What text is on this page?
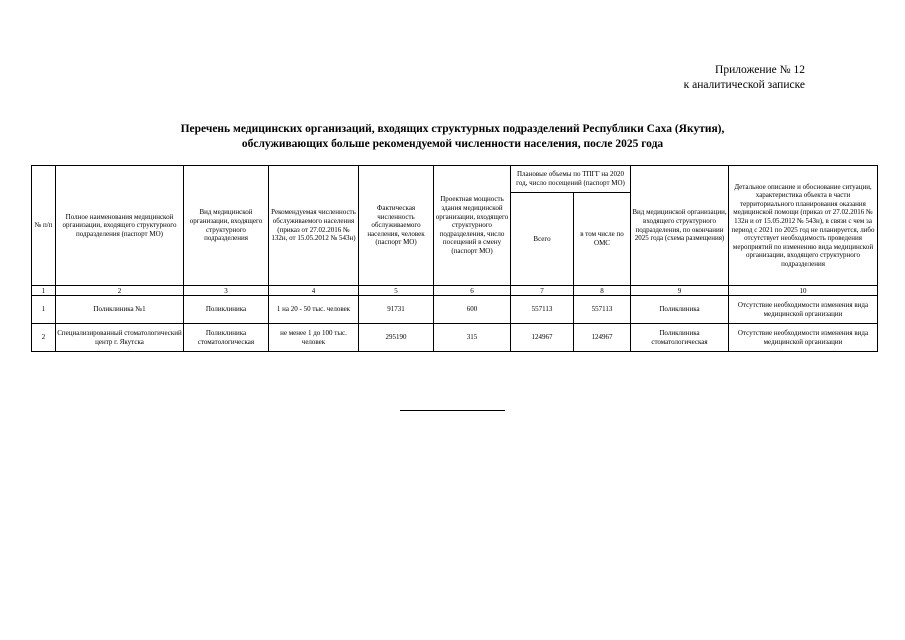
Приложение № 12
к аналитической записке
Перечень медицинских организаций, входящих структурных подразделений Республики Саха (Якутия),
обслуживающих больше рекомендуемой численности населения, после 2025 года
№ п/п	Полное наименования медицинской организации, входящего структурного подразделения (паспорт МО)	Вид медицинской организации, входящего структурного подразделения	Рекомендуемая численность обслуживаемого населения (приказ от 27.02.2016 № 132н, от 15.05.2012 № 543н)	Фактическая численность обслуживаемого населения, человек (паспорт МО)	Проектная мощность здания медицинской организации, входящего структурного подразделения, число посещений в смену (паспорт МО)	Плановые объемы по ТПГГ на 2020 год, число посещений (паспорт МО)		Вид медицинской организации, входящего структурного подразделения, по окончании 2025 года (схема размещения)	Детальное описание и обоснование ситуации, характеристика объекта в части территориального планирования оказания медицинской помощи (приказ от 27.02.2016 № 132н и от 15.05.2012 № 543н), в связи с чем за период с 2021 по 2025 год не планируется, либо отсутствует необходимость проведения мероприятий по изменению вида медицинской организации, входящего структурного подразделения
						Всего	в том числе по ОМС		
1	2	3	4	5	6	7	8	9	10
1	Поликлиника №1	Поликлиника	1 на 20 - 50 тыс. человек	91731	600	557113	557113	Поликлиника	Отсутствие необходимости изменения вида медицинской организации
2	Специализированный стоматологический центр г. Якутска	Поликлиника стоматологическая	не менее 1 до 100 тыс. человек	295190	315	124967	124967	Поликлиника стоматологическая	Отсутствие необходимости изменения вида медицинской организации
